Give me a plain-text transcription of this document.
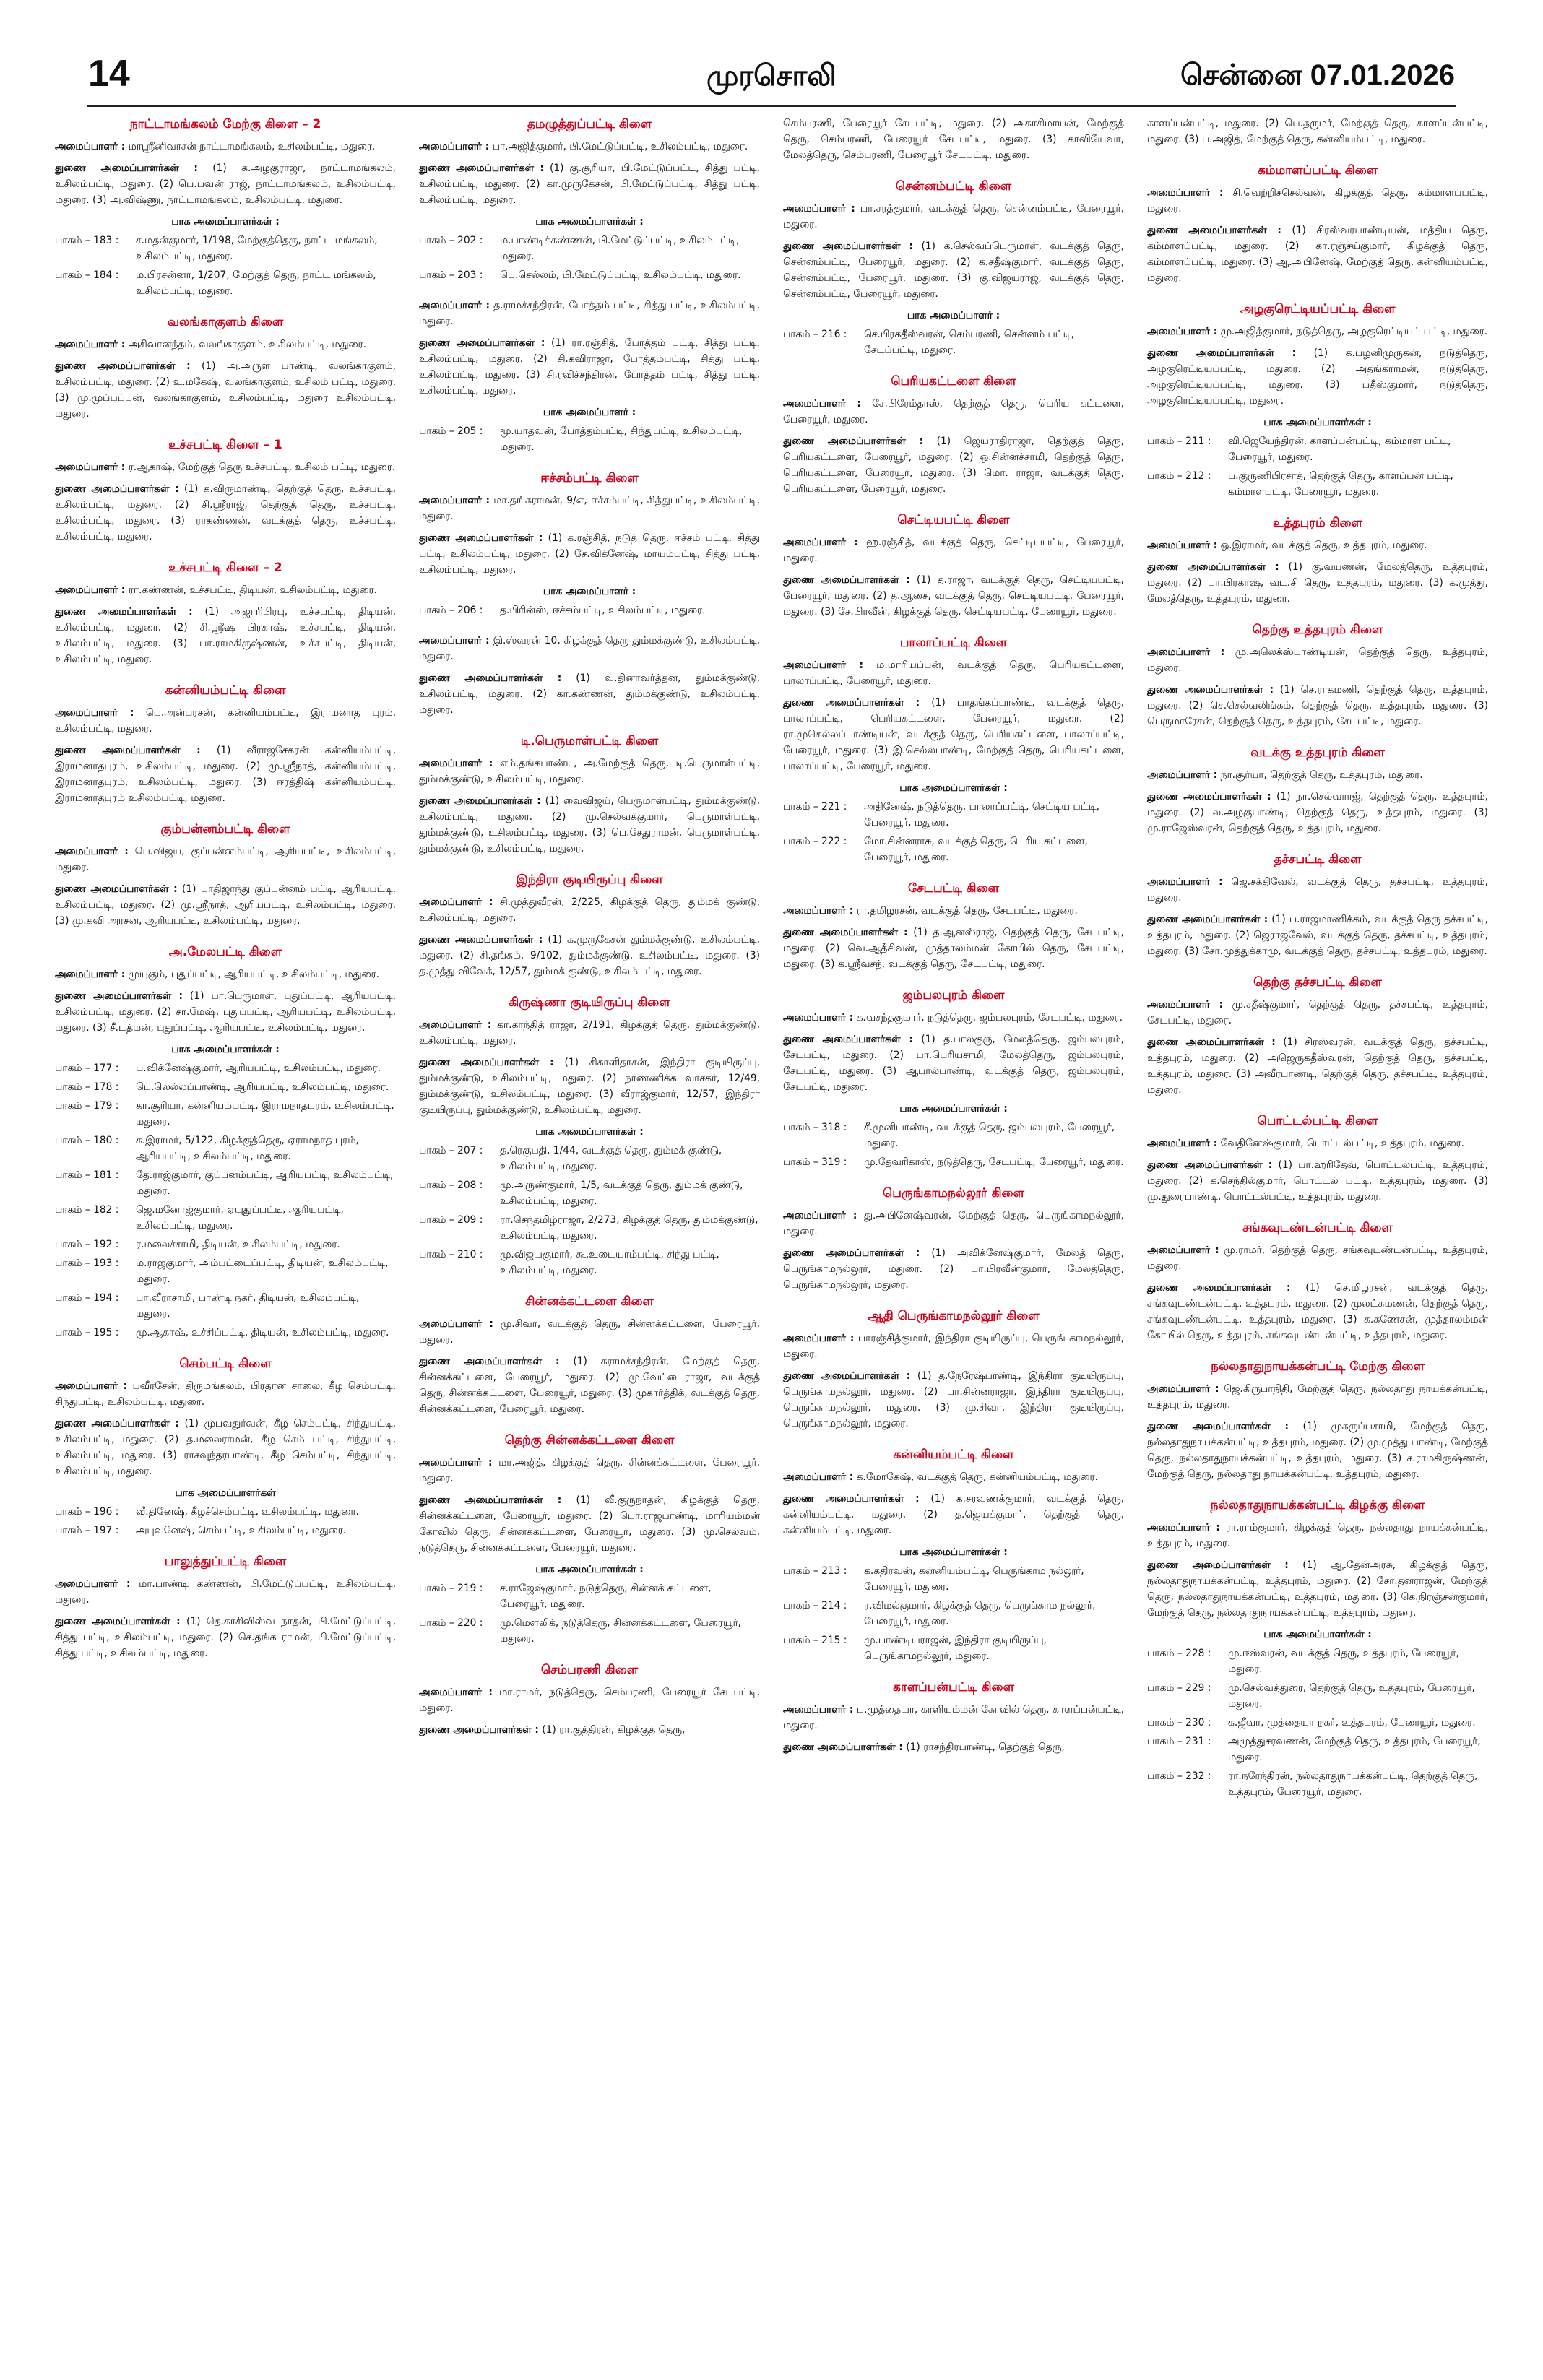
14	முரசொலி	சென்னை 07.01.2026
நாட்டாமங்கலம் மேற்கு கிளை – 2

அமைப்பாளர் : மாஸ்ரீனிவாசன் நாட்டாமங்கலம், உசிலம்பட்டி, மதுரை.

துணை அமைப்பாளர்கள் : (1) க.அழகுராஜா, நாட்டாமங்கலம், உசிலம்பட்டி, மதுரை. (2) பெ.பவன் ராஜ், நாட்டாமங்கலம், உசிலம்பட்டி, மதுரை. (3) அ.விஷ்ணு, நாட்டாமங்கலம், உசிலம்பட்டி, மதுரை.

பாக அமைப்பாளர்கள் :
பாகம் – 183 :	ச.மதன்குமார், 1/198, மேற்குத்தெரு, நாட்ட மங்கலம், உசிலம்பட்டி, மதுரை.
பாகம் – 184 :	ம.பிரசன்னா, 1/207, மேற்குத் தெரு, நாட்ட மங்கலம், உசிலம்பட்டி, மதுரை.
வலங்காகுளம் கிளை

அமைப்பாளர் : அசிவானந்தம், வலங்காகுளம், உசிலம்பட்டி, மதுரை.

துணை அமைப்பாளர்கள் : (1) அ.அருள பாண்டி, வலங்காகுளம், உசிலம்பட்டி, மதுரை. (2) உ.மகேஷ், வலங்காகுளம், உசிலம் பட்டி, மதுரை. (3) மு.முப்பப்பன், வலங்காகுளம், உசிலம்பட்டி, மதுரை உசிலம்பட்டி, மதுரை.

உச்சபட்டி கிளை – 1

அமைப்பாளர் : ர.ஆகாஷ், மேற்குத் தெரு உச்சபட்டி, உசிலம் பட்டி, மதுரை.

துணை அமைப்பாளர்கள் : (1) க.விருமாண்டி, தெற்குத் தெரு, உச்சபட்டி, உசிலம்பட்டி, மதுரை. (2) சி.ஸ்ரீராஜ், தெற்குத் தெரு, உச்சபட்டி, உசிலம்பட்டி, மதுரை. (3) ராகண்ணன், வடக்குத் தெரு, உச்சபட்டி, உசிலம்பட்டி, மதுரை.

உச்சபட்டி கிளை – 2

அமைப்பாளர் : ரா.கண்ணன், உச்சபட்டி, திடியன், உசிலம்பட்டி, மதுரை.

துணை அமைப்பாளர்கள் : (1) அஜாரிபிரபு, உச்சபட்டி, திடியன், உசிலம்பட்டி, மதுரை. (2) சி.ஸ்ரீஷ பிரகாஷ், உச்சபட்டி, திடியன், உசிலம்பட்டி, மதுரை. (3) பா.ராமகிருஷ்ணன், உச்சபட்டி, திடியன், உசிலம்பட்டி, மதுரை.

கன்னியம்பட்டி கிளை

அமைப்பாளர் : பெ.அன்பரசன், கன்னியம்பட்டி, இராமனாத புரம், உசிலம்பட்டி, மதுரை.

துணை அமைப்பாளர்கள் : (1) வீராஜசேகரன் கன்னியம்பட்டி, இராமனாதபுரம், உசிலம்பட்டி, மதுரை. (2) மு.ஸ்ரீநாத், கன்னியம்பட்டி, இராமனாதபுரம், உசிலம்பட்டி, மதுரை. (3) ஈரத்திஷ் கன்னியம்பட்டி, இராமனாதபுரம் உசிலம்பட்டி, மதுரை.

கும்பன்னம்பட்டி கிளை

அமைப்பாளர் : பெ.விஜய, குப்பன்னம்பட்டி, ஆரியபட்டி, உசிலம்பட்டி, மதுரை.

துணை அமைப்பாளர்கள் : (1) பாதிஜாந்து குப்பன்னம் பட்டி, ஆரியபட்டி, உசிலம்பட்டி, மதுரை. (2) மு.ஸ்ரீநாத், ஆரியபட்டி, உசிலம்பட்டி, மதுரை. (3) மு.கவி அரசன், ஆரியபட்டி, உசிலம்பட்டி, மதுரை.

அ.மேலபட்டி கிளை

அமைப்பாளர் : முயுகும், புதுப்பட்டி, ஆரியபட்டி, உசிலம்பட்டி, மதுரை.

துணை அமைப்பாளர்கள் : (1) பா.பெருமாள், புதுப்பட்டி, ஆரியபட்டி, உசிலம்பட்டி, மதுரை. (2) சா.மேஷ், புதுப்பட்டி, ஆரியபட்டி, உசிலம்பட்டி, மதுரை. (3) சீ.டத்மன், புதுப்பட்டி, ஆரியபட்டி, உசிலம்பட்டி, மதுரை.

பாக அமைப்பாளர்கள் :
பாகம் – 177 :	ப.விக்னேஷ்குமார், ஆரியபட்டி, உசிலம்பட்டி, மதுரை.
பாகம் – 178 :	பெ.லெல்லப்பாண்டி, ஆரியபட்டி, உசிலம்பட்டி, மதுரை.
பாகம் – 179 :	கா.சூரியா, கன்னியம்பட்டி, இராமநாதபுரம், உசிலம்பட்டி, மதுரை.
பாகம் – 180 :	க.இராமர், 5/122, கிழக்குத்தெரு, ஏராமநாத புரம், ஆரியபட்டி, உசிலம்பட்டி, மதுரை.
பாகம் – 181 :	தே.ராஜ்குமார், குப்பனம்பட்டி, ஆரியபட்டி, உசிலம்பட்டி, மதுரை.
பாகம் – 182 :	ஜெ.மனோஜ்குமார், ஏயுதுப்பட்டி, ஆரியபட்டி, உசிலம்பட்டி, மதுரை.
பாகம் – 192 :	ர.மலைச்சாமி, திடியன், உசிலம்பட்டி, மதுரை.
பாகம் – 193 :	ம.ராஜகுமார், அம்பட்டைப்பட்டி, திடியன், உசிலம்பட்டி, மதுரை.
பாகம் – 194 :	பா.வீராசாமி, பாண்டி நகர், திடியன், உசிலம்பட்டி, மதுரை.
பாகம் – 195 :	மு.ஆகாஷ், உச்சிப்பட்டி, திடியன், உசிலம்பட்டி, மதுரை.
செம்பட்டி கிளை

அமைப்பாளர் : பவீரசேன், திருமங்கலம், பிரதான சாலை, கீழ செம்பட்டி, சிந்துபட்டி, உசிலம்பட்டி, மதுரை.

துணை அமைப்பாளர்கள் : (1) முபவதுர்வன், கீழ செம்பட்டி, சிந்துபட்டி, உசிலம்பட்டி, மதுரை. (2) த.மலைராமன், கீழ செம் பட்டி, சிந்துபட்டி, உசிலம்பட்டி, மதுரை. (3) ராசவுந்தரபாண்டி, கீழ செம்பட்டி, சிந்துபட்டி, உசிலம்பட்டி, மதுரை.

பாக அமைப்பாளர்கள்
பாகம் – 196 :	வீ.தினேஷ், கீழச்செம்பட்டி, உசிலம்பட்டி, மதுரை.
பாகம் – 197 :	அபுவனேஷ், செம்பட்டி, உசிலம்பட்டி, மதுரை.
பாலுத்துப்பட்டி கிளை

அமைப்பாளர் : மா.பாண்டி கண்ணன், பி.மேட்டுப்பட்டி, உசிலம்பட்டி, மதுரை.

துணை அமைப்பாளர்கள் : (1) தெ.காசிவிஸ்வ நாதன், பி.மேட்டுப்பட்டி, சித்து பட்டி, உசிலம்பட்டி, மதுரை. (2) செ.தங்க ராமன், பி.மேட்டுப்பட்டி, சித்து பட்டி, உசிலம்பட்டி, மதுரை.

தமழுத்துப்பட்டி கிளை

அமைப்பாளர் : பா.அஜித்குமார், பி.மேட்டுப்பட்டி, உசிலம்பட்டி, மதுரை.

துணை அமைப்பாளர்கள் : (1) கு.சூரியா, பி.மேட்டுப்பட்டி, சித்து பட்டி, உசிலம்பட்டி, மதுரை. (2) கா.முருகேசன், பி.மேட்டுப்பட்டி, சித்து பட்டி, உசிலம்பட்டி, மதுரை.

பாக அமைப்பாளர்கள் :
பாகம் – 202 :	ம.பாண்டிக்கண்ணன், பி.மேட்டுப்பட்டி, உசிலம்பட்டி, மதுரை.
பாகம் – 203 :	பெ.செல்லம், பி.மேட்டுப்பட்டி, உசிலம்பட்டி, மதுரை.

அமைப்பாளர் : த.ராமச்சந்திரன், போத்தம் பட்டி, சித்து பட்டி, உசிலம்பட்டி, மதுரை.

துணை அமைப்பாளர்கள் : (1) ரா.ரஞ்சித், போத்தம் பட்டி, சித்து பட்டி, உசிலம்பட்டி, மதுரை. (2) சி.கவிராஜா, போத்தம்பட்டி, சித்து பட்டி, உசிலம்பட்டி, மதுரை. (3) சி.ரவிச்சந்திரன், போத்தம் பட்டி, சித்து பட்டி, உசிலம்பட்டி, மதுரை.

பாக அமைப்பாளர் :
பாகம் – 205 :	மூ.யாதவன், போத்தம்பட்டி, சிந்துபட்டி, உசிலம்பட்டி, மதுரை.
ஈச்சம்பட்டி கிளை

அமைப்பாளர் : மா.தங்கராமன், 9/எ, ஈச்சம்பட்டி, சித்துபட்டி, உசிலம்பட்டி, மதுரை.

துணை அமைப்பாளர்கள் : (1) க.ரஞ்சித், நடுத் தெரு, ஈச்சம் பட்டி, சித்து பட்டி, உசிலம்பட்டி, மதுரை. (2) சே.விக்னேஷ், மாயம்பட்டி, சித்து பட்டி, உசிலம்பட்டி, மதுரை.

பாக அமைப்பாளர் :
பாகம் – 206 :	த.பிரின்ஸ், ஈச்சம்பட்டி, உசிலம்பட்டி, மதுரை.

அமைப்பாளர் : இ.ஸ்வரன் 10, கிழக்குத் தெரு தும்மக்குண்டு, உசிலம்பட்டி, மதுரை.

துணை அமைப்பாளர்கள் : (1) வ.தினாவர்த்தன, தும்மக்குண்டு, உசிலம்பட்டி, மதுரை. (2) கா.கண்ணன், தும்மக்குண்டு, உசிலம்பட்டி, மதுரை.

டி.பெருமாள்பட்டி கிளை

அமைப்பாளர் : எம்.தங்கபாண்டி, அ.மேற்குத் தெரு, டி.பெருமாள்பட்டி, தும்மக்குண்டு, உசிலம்பட்டி, மதுரை.

துணை அமைப்பாளர்கள் : (1) வைவிஜய், பெருமாள்பட்டி, தும்மக்குண்டு, உசிலம்பட்டி, மதுரை. (2) மு.செல்வக்குமார், பெருமாள்பட்டி, தும்மக்குண்டு, உசிலம்பட்டி, மதுரை. (3) பெ.சேதுராமன், பெருமாள்பட்டி, தும்மக்குண்டு, உசிலம்பட்டி, மதுரை.

இந்திரா குடியிருப்பு கிளை

அமைப்பாளர் : சி.முத்துவீரன், 2/225, கிழக்குத் தெரு, தும்மக் குண்டு, உசிலம்பட்டி, மதுரை.

துணை அமைப்பாளர்கள் : (1) க.முருகேசன் தும்மக்குண்டு, உசிலம்பட்டி, மதுரை. (2) சி.தங்கம், 9/102, தும்மக்குண்டு, உசிலம்பட்டி, மதுரை. (3) த.முத்து விவேக், 12/57, தும்மக் குண்டு, உசிலம்பட்டி, மதுரை.

கிருஷ்ணா குடியிருப்பு கிளை

அமைப்பாளர் : கா.காந்தித் ராஜா, 2/191, கிழக்குத் தெரு, தும்மக்குண்டு, உசிலம்பட்டி, மதுரை.

துணை அமைப்பாளர்கள் : (1) சிகாளிதாசன், இந்திரா குடியிருப்பு, தும்மக்குண்டு, உசிலம்பட்டி, மதுரை. (2) நாணணிக்க வாசகர், 12/49, தும்மக்குண்டு, உசிலம்பட்டி, மதுரை. (3) வீராஜ்குமார், 12/57, இந்திரா குடியிருப்பு, தும்மக்குண்டு, உசிலம்பட்டி, மதுரை.

பாக அமைப்பாளர்கள் :
பாகம் – 207 :	த.ரெகுபதி, 1/44, வடக்குத் தெரு, தும்மக் குண்டு, உசிலம்பட்டி, மதுரை.
பாகம் – 208 :	மு.அருண்குமார், 1/5, வடக்குத் தெரு, தும்மக் குண்டு, உசிலம்பட்டி, மதுரை.
பாகம் – 209 :	ரா.செந்தமிழ்ராஜா, 2/273, கிழக்குத் தெரு, தும்மக்குண்டு, உசிலம்பட்டி, மதுரை.
பாகம் – 210 :	மு.விஜயகுமார், கூ.உடையாம்பட்டி, சிந்து பட்டி, உசிலம்பட்டி, மதுரை.
சின்னக்கட்டளை கிளை

அமைப்பாளர் : மு.சிவா, வடக்குத் தெரு, சின்னக்கட்டளை, பேரையூர், மதுரை.

துணை அமைப்பாளர்கள் : (1) கராமச்சந்திரன், மேற்குத் தெரு, சின்னக்கட்டளை, பேரையூர், மதுரை. (2) மு.வேட்டைராஜா, வடக்குத் தெரு, சின்னக்கட்டளை, பேரையூர், மதுரை. (3) முகார்த்திக், வடக்குத் தெரு, சின்னக்கட்டளை, பேரையூர், மதுரை.

தெற்கு சின்னக்கட்டளை கிளை

அமைப்பாளர் : மா.அஜித், கிழக்குத் தெரு, சின்னக்கட்டளை, பேரையூர், மதுரை.

துணை அமைப்பாளர்கள் : (1) வீ.குருநாதன், கிழக்குத் தெரு, சின்னக்கட்டளை, பேரையூர், மதுரை. (2) பொ.ராஜபாண்டி, மாரியம்மன் கோவில் தெரு, சின்னக்கட்டளை, பேரையூர், மதுரை. (3) மு.செல்வம், நடுத்தெரு, சின்னக்கட்டளை, பேரையூர், மதுரை.

பாக அமைப்பாளர்கள் :
பாகம் – 219 :	ச.ராஜேஷ்குமார், நடுத்தெரு, சின்னக் கட்டளை, பேரையூர், மதுரை.
பாகம் – 220 :	மு.மௌலிக், நடுத்தெரு, சின்னக்கட்டளை, பேரையூர், மதுரை.
செம்பரணி கிளை

அமைப்பாளர் : மா.ராமர், நடுத்தெரு, செம்பரணி, பேரையூர் சேடபட்டி, மதுரை.

துணை அமைப்பாளர்கள் : (1) ரா.குத்திரன், கிழக்குத் தெரு,

செம்பரணி, பேரையூர் சேடபட்டி, மதுரை. (2) அகாசிமாயன், மேற்குத் தெரு, செம்பரணி, பேரையூர் சேடபட்டி, மதுரை. (3) காவியேவா, மேலத்தெரு, செம்பரணி, பேரையூர் சேடபட்டி, மதுரை.

சென்னம்பட்டி கிளை

அமைப்பாளர் : பா.சரத்குமார், வடக்குத் தெரு, சென்னம்பட்டி, பேரையூர், மதுரை.

துணை அமைப்பாளர்கள் : (1) க.செல்வப்பெருமாள், வடக்குத் தெரு, சென்னம்பட்டி, பேரையூர், மதுரை. (2) க.சதீஷ்குமார், வடக்குத் தெரு, சென்னம்பட்டி, பேரையூர், மதுரை. (3) கு.விஜயராஜ், வடக்குத் தெரு, சென்னம்பட்டி, பேரையூர், மதுரை.

பாக அமைப்பாளர் :
பாகம் – 216 :	செ.பிரகதீஸ்வரன், செம்பரணி, சென்னம் பட்டி, சேடப்பட்டி, மதுரை.
பெரியகட்டளை கிளை

அமைப்பாளர் : சே.பிரேம்தாஸ், தெற்குத் தெரு, பெரிய கட்டளை, பேரையூர், மதுரை.

துணை அமைப்பாளர்கள் : (1) ஜெயராதிராஜா, தெற்குத் தெரு, பெரியகட்டளை, பேரையூர், மதுரை. (2) ஒ.சின்னச்சாமி, தெற்குத் தெரு, பெரியகட்டளை, பேரையூர், மதுரை. (3) மொ. ராஜா, வடக்குத் தெரு, பெரியகட்டளை, பேரையூர், மதுரை.

செட்டியபட்டி கிளை

அமைப்பாளர் : ஹ.ரஞ்சித், வடக்குத் தெரு, செட்டியபட்டி, பேரையூர், மதுரை.

துணை அமைப்பாளர்கள் : (1) த.ராஜா, வடக்குத் தெரு, செட்டியபட்டி, பேரையூர், மதுரை. (2) த.ஆசை, வடக்குத் தெரு, செட்டியபட்டி, பேரையூர், மதுரை. (3) சே.பிரவீன், கிழக்குத் தெரு, செட்டியபட்டி, பேரையூர், மதுரை.

பாலாப்பட்டி கிளை

அமைப்பாளர் : ம.மாரியப்பன், வடக்குத் தெரு, பெரியகட்டளை, பாலாப்பட்டி, பேரையூர், மதுரை.

துணை அமைப்பாளர்கள் : (1) பாதங்கப்பாண்டி, வடக்குத் தெரு, பாலாப்பட்டி, பெரியகட்டளை, பேரையூர், மதுரை. (2) ரா.முகெல்லப்பாண்டியன், வடக்குத் தெரு, பெரியகட்டளை, பாலாப்பட்டி, பேரையூர், மதுரை. (3) இ.செல்லபாண்டி, மேற்குத் தெரு, பெரியகட்டளை, பாலாப்பட்டி, பேரையூர், மதுரை.

பாக அமைப்பாளர்கள் :
பாகம் – 221 :	அதினேஷ், நடுத்தெரு, பாலாப்பட்டி, செட்டிய பட்டி, பேரையூர், மதுரை.
பாகம் – 222 :	மோ.சின்னராசு, வடக்குத் தெரு, பெரிய கட்டளை, பேரையூர், மதுரை.
சேடபட்டி கிளை

அமைப்பாளர் : ரா.தமிழரசன், வடக்குத் தெரு, சேடபட்டி, மதுரை.

துணை அமைப்பாளர்கள் : (1) த.ஆனஸ்ராஜ், தெற்குத் தெரு, சேடபட்டி, மதுரை. (2) வெ.ஆதீசிவன், முத்தாலம்மன் கோயில் தெரு, சேடபட்டி, மதுரை. (3) க.ஸ்ரீவசந், வடக்குத் தெரு, சேடபட்டி, மதுரை.

ஜம்பலபுரம் கிளை

அமைப்பாளர் : க.வசந்தகுமார், நடுத்தெரு, ஜம்பலபுரம், சேடபட்டி, மதுரை.

துணை அமைப்பாளர்கள் : (1) த.பாலகுரு, மேலத்தெரு, ஜம்பலபுரம், சேடபட்டி, மதுரை. (2) பா.பெரியசாமி, மேலத்தெரு, ஜம்பலபுரம், சேடபட்டி, மதுரை. (3) ஆபால்பாண்டி, வடக்குத் தெரு, ஜம்பலபுரம், சேடபட்டி, மதுரை.

பாக அமைப்பாளர்கள் :
பாகம் – 318 :	சீ.முனியாண்டி, வடக்குத் தெரு, ஜம்பலபுரம், பேரையூர், மதுரை.
பாகம் – 319 :	மு.தேவரிகாஸ், நடுத்தெரு, சேடபட்டி, பேரையூர், மதுரை.
பெருங்காமநல்லூர் கிளை

அமைப்பாளர் : து.அபினேஷ்வரன், மேற்குத் தெரு, பெருங்காமநல்லூர், மதுரை.

துணை அமைப்பாளர்கள் : (1) அவிக்னேஷ்குமார், மேலத் தெரு, பெருங்காமநல்லூர், மதுரை. (2) பா.பிரவீன்குமார், மேலத்தெரு, பெருங்காமநல்லூர், மதுரை.

ஆதி பெருங்காமநல்லூர் கிளை

அமைப்பாளர் : பாரஞ்சித்குமார், இந்திரா குடியிருப்பு, பெருங் காமநல்லூர், மதுரை.

துணை அமைப்பாளர்கள் : (1) த.நேரேஷ்பாண்டி, இந்திரா குடியிருப்பு, பெருங்காமநல்லூர், மதுரை. (2) பா.சின்னராஜா, இந்திரா குடியிருப்பு, பெருங்காமநல்லூர், மதுரை. (3) மு.சிவா, இந்திரா குடியிருப்பு, பெருங்காமநல்லூர், மதுரை.

கன்னியம்பட்டி கிளை

அமைப்பாளர் : க.மோகேஷ், வடக்குத் தெரு, கன்னியம்பட்டி, மதுரை.

துணை அமைப்பாளர்கள் : (1) க.சரவணக்குமார், வடக்குத் தெரு, கன்னியம்பட்டி, மதுரை. (2) த.ஜெயக்குமார், தெற்குத் தெரு, கன்னியம்பட்டி, மதுரை.

பாக அமைப்பாளர்கள் :
பாகம் – 213 :	க.கதிரவன், கன்னியம்பட்டி, பெருங்காம நல்லூர், பேரையூர், மதுரை.
பாகம் – 214 :	ர.விமல்குமார், கிழக்குத் தெரு, பெருங்காம நல்லூர், பேரையூர், மதுரை.
பாகம் – 215 :	மு.பாண்டியராஜன், இந்திரா குடியிருப்பு, பெருங்காமநல்லூர், மதுரை.
காளப்பன்பட்டி கிளை

அமைப்பாளர் : ப.முத்தையா, காளியம்மன் கோவில் தெரு, காளப்பன்பட்டி, மதுரை.

துணை அமைப்பாளர்கள் : (1) ராசந்திரபாண்டி, தெற்குத் தெரு,

காளப்பன்பட்டி, மதுரை. (2) பெ.தருமர், மேற்குத் தெரு, காளப்பன்பட்டி, மதுரை. (3) ப.அஜித், மேற்குத் தெரு, கன்னியம்பட்டி, மதுரை.

கம்மாளப்பட்டி கிளை

அமைப்பாளர் : சி.வெற்றிச்செல்வன், கிழக்குத் தெரு, கம்மாளப்பட்டி, மதுரை.

துணை அமைப்பாளர்கள் : (1) சிரஸ்வரபாண்டியன், மத்திய தெரு, கம்மாளப்பட்டி, மதுரை. (2) கா.ரஞ்சய்குமார், கிழக்குத் தெரு, கம்மாளப்பட்டி, மதுரை. (3) ஆ.அபினேஷ், மேற்குத் தெரு, கன்னியம்பட்டி, மதுரை.

அழகுரெட்டியப்பட்டி கிளை

அமைப்பாளர் : மு.அஜித்குமார், நடுத்தெரு, அழகுரெட்டியப் பட்டி, மதுரை.

துணை அமைப்பாளர்கள் : (1) க.பழனிமுருகன், நடுத்தெரு, அழகுரெட்டியப்பட்டி, மதுரை. (2) அதங்கராமன், நடுத்தெரு, அழகுரெட்டியப்பட்டி, மதுரை. (3) பதீஸ்குமார், நடுத்தெரு, அழகுரெட்டியப்பட்டி, மதுரை.

பாக அமைப்பாளர்கள் :
பாகம் – 211 :	வி.ஜெயேந்திரன், காளப்பன்பட்டி, கம்மாள பட்டி, பேரையூர், மதுரை.
பாகம் – 212 :	ப.குருணிபிரசாத், தெற்குத் தெரு, காளப்பன் பட்டி, கம்மாளபட்டி, பேரையூர், மதுரை.
உத்தபுரம் கிளை

அமைப்பாளர் : ஒ.இராமர், வடக்குத் தெரு, உத்தபுரம், மதுரை.

துணை அமைப்பாளர்கள் : (1) கு.வயணன், மேலத்தெரு, உத்தபுரம், மதுரை. (2) பா.பிரகாஷ், வட.சி தெரு, உத்தபுரம், மதுரை. (3) க.முத்து, மேலத்தெரு, உத்தபுரம், மதுரை.

தெற்கு உத்தபுரம் கிளை

அமைப்பாளர் : மு.அலெக்ஸ்பாண்டியன், தெற்குத் தெரு, உத்தபுரம், மதுரை.

துணை அமைப்பாளர்கள் : (1) செ.ராகமணி, தெற்குத் தெரு, உத்தபுரம், மதுரை. (2) செ.செல்வலிங்கம், தெற்குத் தெரு, உத்தபுரம், மதுரை. (3) பெருமாரேசன், தெற்குத் தெரு, உத்தபுரம், சேடபட்டி, மதுரை.

வடக்கு உத்தபுரம் கிளை

அமைப்பாளர் : நா.சூர்யா, தெற்குத் தெரு, உத்தபுரம், மதுரை.

துணை அமைப்பாளர்கள் : (1) நா.செல்வராஜ், தெற்குத் தெரு, உத்தபுரம், மதுரை. (2) ல.அழகுபாண்டி, தெற்குத் தெரு, உத்தபுரம், மதுரை. (3) மு.ராஜேஸ்வரன், தெற்குத் தெரு, உத்தபுரம், மதுரை.

தச்சபட்டி கிளை

அமைப்பாளர் : ஜெ.சக்திவேல், வடக்குத் தெரு, தச்சபட்டி, உத்தபுரம், மதுரை.

துணை அமைப்பாளர்கள் : (1) ப.ராஜமாணிக்கம், வடக்குத் தெரு தச்சபட்டி, உத்தபுரம், மதுரை. (2) ஜெராஜவேல், வடக்குத் தெரு, தச்சபட்டி, உத்தபுரம், மதுரை. (3) சோ.முத்துக்காமு, வடக்குத் தெரு, தச்சபட்டி, உத்தபுரம், மதுரை.

தெற்கு தச்சபட்டி கிளை

அமைப்பாளர் : மு.சதீஷ்குமார், தெற்குத் தெரு, தச்சபட்டி, உத்தபுரம், சேடபட்டி, மதுரை.

துணை அமைப்பாளர்கள் : (1) சிரஸ்வரன், வடக்குத் தெரு, தச்சபட்டி, உத்தபுரம், மதுரை. (2) அஜெருகதீஸ்வரன், தெற்குத் தெரு, தச்சபட்டி, உத்தபுரம், மதுரை. (3) அவீரபாண்டி, தெற்குத் தெரு, தச்சபட்டி, உத்தபுரம், மதுரை.

பொட்டல்பட்டி கிளை

அமைப்பாளர் : வேதினேஷ்குமார், பொட்டல்பட்டி, உத்தபுரம், மதுரை.

துணை அமைப்பாளர்கள் : (1) பா.ஹரிதேவ், பொட்டல்பட்டி, உத்தபுரம், மதுரை. (2) க.செந்தில்குமார், பொட்டல் பட்டி, உத்தபுரம், மதுரை. (3) மு.துரைபாண்டி, பொட்டல்பட்டி, உத்தபுரம், மதுரை.

சங்கவுடண்டன்பட்டி கிளை

அமைப்பாளர் : மு.ராமர், தெற்குத் தெரு, சங்கவுடண்டன்பட்டி, உத்தபுரம், மதுரை.

துணை அமைப்பாளர்கள் : (1) செ.மிழரசன், வடக்குத் தெரு, சங்கவுடண்டன்பட்டி, உத்தபுரம், மதுரை. (2) முலட்சுமணன், தெற்குத் தெரு, சங்கவுடண்டன்பட்டி, உத்தபுரம், மதுரை. (3) க.கணேசன், முத்தாலம்மன் கோயில் தெரு, உத்தபுரம், சங்கவுடண்டன்பட்டி, உத்தபுரம், மதுரை.

நல்லதாதுநாயக்கன்பட்டி மேற்கு கிளை

அமைப்பாளர் : ஜெ.கிருபாநிதி, மேற்குத் தெரு, நல்லதாது நாயக்கன்பட்டி, உத்தபுரம், மதுரை.

துணை அமைப்பாளர்கள் : (1) முகருப்பசாமி, மேற்குத் தெரு, நல்லதாதுநாயக்கன்பட்டி, உத்தபுரம், மதுரை. (2) மு.முத்து பாண்டி, மேற்குத் தெரு, நல்லதாதுநாயக்கன்பட்டி, உத்தபுரம், மதுரை. (3) ச.ராமகிருஷ்ணன், மேற்குத் தெரு, நல்லதாது நாயக்கன்பட்டி, உத்தபுரம், மதுரை.

நல்லதாதுநாயக்கன்பட்டி கிழக்கு கிளை

அமைப்பாளர் : ரா.ராம்குமார், கிழக்குத் தெரு, நல்லதாது நாயக்கன்பட்டி, உத்தபுரம், மதுரை.

துணை அமைப்பாளர்கள் : (1) ஆ.தேன்அரசு, கிழக்குத் தெரு, நல்லதாதுநாயக்கன்பட்டி, உத்தபுரம், மதுரை. (2) சோ.தனராஜன், மேற்குத் தெரு, நல்லதாதுநாயக்கன்பட்டி, உத்தபுரம், மதுரை. (3) கெ.நிரஞ்சன்குமார், மேற்குத் தெரு, நல்லதாதுநாயக்கன்பட்டி, உத்தபுரம், மதுரை.

பாக அமைப்பாளர்கள் :
பாகம் – 228 :	மு.ஈஸ்வரன், வடக்குத் தெரு, உத்தபுரம், பேரையூர், மதுரை.
பாகம் – 229 :	மு.செல்வத்துரை, தெற்குத் தெரு, உத்தபுரம், பேரையூர், மதுரை.
பாகம் – 230 :	க.ஜீவா, முத்தையா நகர், உத்தபுரம், பேரையூர், மதுரை.
பாகம் – 231 :	அமுத்துசரவணன், மேற்குத் தெரு, உத்தபுரம், பேரையூர், மதுரை.
பாகம் – 232 :	ரா.நரேந்திரன், நல்லதாதுநாயக்கன்பட்டி, தெற்குத் தெரு, உத்தபுரம், பேரையூர், மதுரை.
